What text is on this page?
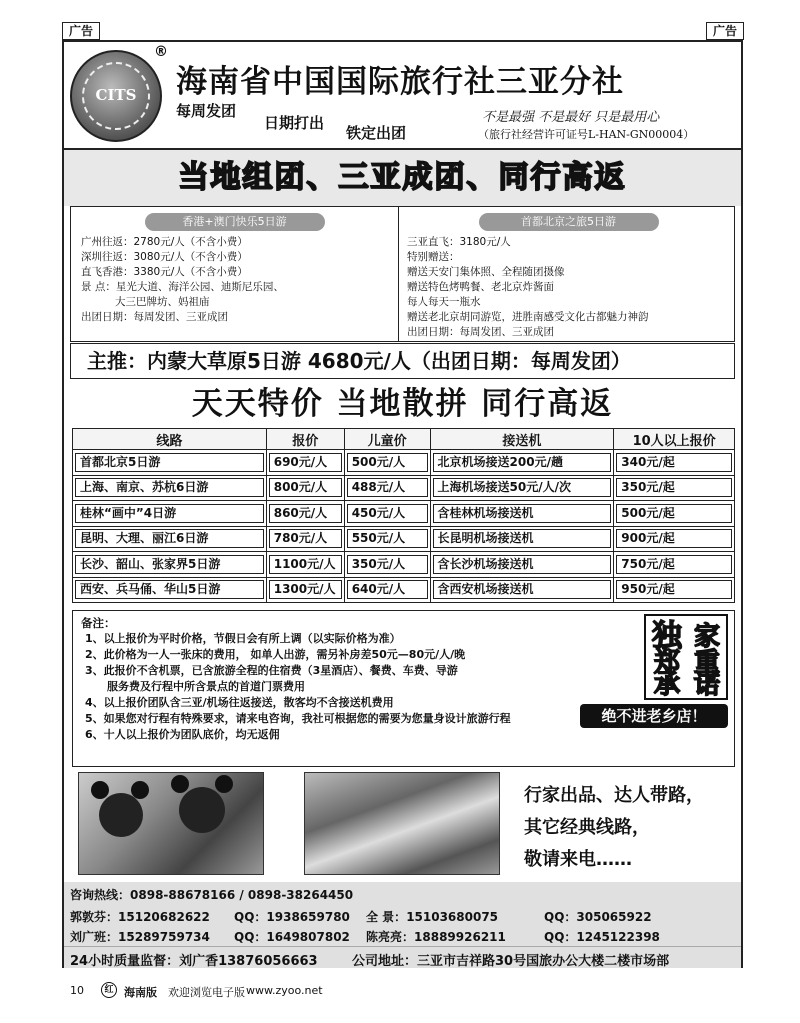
广告	广告
CITS
®
海南省中国国际旅行社三亚分社
每周发团
日期打出
铁定出团
不是最强 不是最好 只是最用心
（旅行社经营许可证号L-HAN-GN00004）
当地组团、三亚成团、同行高返
香港+澳门快乐5日游
广州往返：2780元/人（不含小费）
深圳往返：3080元/人（不含小费）
直飞香港：3380元/人（不含小费）
景 点：星光大道、海洋公园、迪斯尼乐园、
大三巴牌坊、妈祖庙
出团日期：每周发团、三亚成团
首都北京之旅5日游
三亚直飞：3180元/人
特别赠送：
赠送天安门集体照、全程随团摄像
赠送特色烤鸭餐、老北京炸酱面
每人每天一瓶水
赠送老北京胡同游览，进胜南感受文化古都魅力神韵
出团日期：每周发团、三亚成团
主推：内蒙大草原5日游 4680元/人（出团日期：每周发团）
天天特价 当地散拼 同行高返
线路	报价	儿童价	接送机	10人以上报价

首都北京5日游	690元/人	500元/人	北京机场接送200元/趟	340元/起

上海、南京、苏杭6日游	800元/人	488元/人	上海机场接送50元/人/次	350元/起

桂林“画中”4日游	860元/人	450元/人	含桂林机场接送机	500元/起

昆明、大理、丽江6日游	780元/人	550元/人	长昆明机场接送机	900元/起

长沙、韶山、张家界5日游	1100元/人	350元/人	含长沙机场接送机	750元/起

西安、兵马俑、华山5日游	1300元/人	640元/人	含西安机场接送机	950元/起
备注：
1、以上报价为平时价格，节假日会有所上调（以实际价格为准）
2、此价格为一人一张床的费用， 如单人出游，需另补房差50元—80元/人/晚
3、此报价不含机票，已含旅游全程的住宿费（3星酒店）、餐费、车费、导游
服务费及行程中所含景点的首道门票费用
4、以上报价团队含三亚/机场往返接送，散客均不含接送机费用
5、如果您对行程有特殊要求，请来电咨询，我社可根据您的需要为您量身设计旅游行程
6、十人以上报价为团队底价，均无返佣
独 家
郑 重
承 诺
绝不进老乡店！
行家出品、达人带路，
其它经典线路，
敬请来电……
咨询热线：0898-88678166 / 0898-38264450
郭敦芬：15120682622 QQ：1938659780 全 景：15103680075	QQ：305065922
刘广班：15289759734 QQ：1649807802 陈亮亮：18889926211	QQ：1245122398
24小时质量监督：刘广香13876056663	公司地址：三亚市吉祥路30号国旅办公大楼二楼市场部
10	红 海南版 欢迎浏览电子版 www.zyoo.net
